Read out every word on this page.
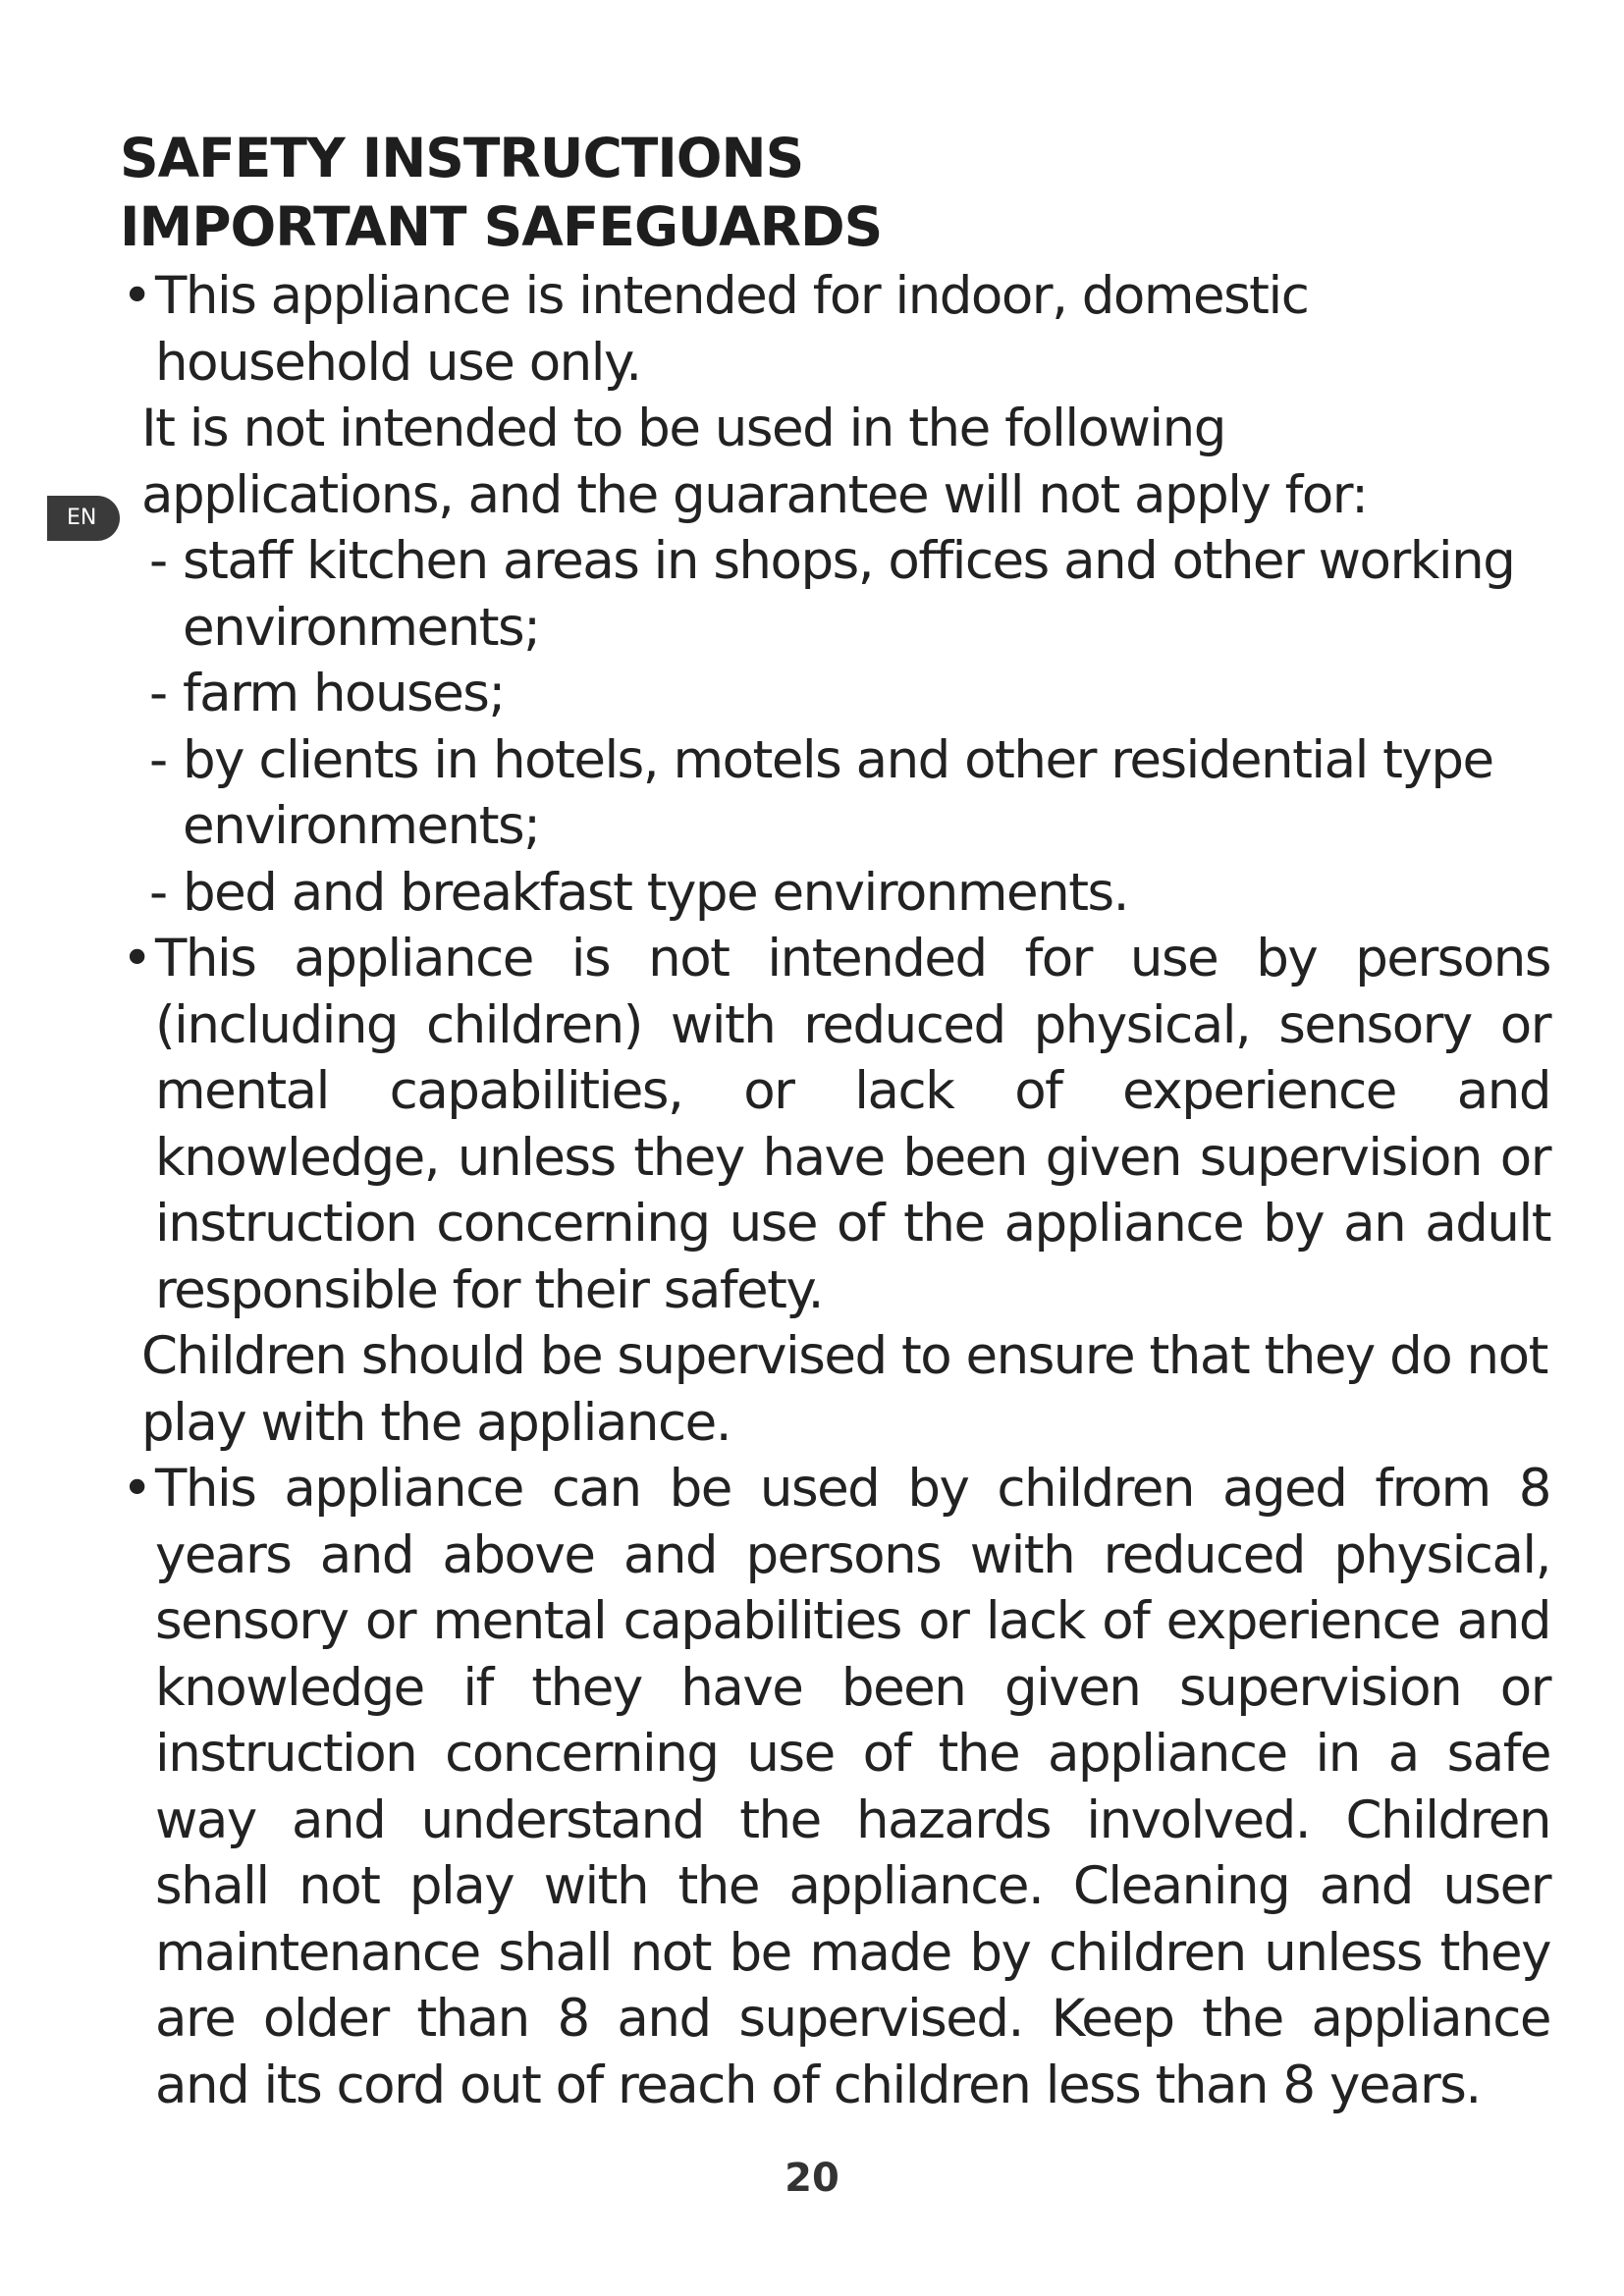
SAFETY INSTRUCTIONS
IMPORTANT SAFEGUARDS
EN
• This appliance is intended for indoor, domestic household use only.
It is not intended to be used in the following applications, and the guarantee will not apply for:
- staff kitchen areas in shops, offices and other working environments;
- farm houses;
- by clients in hotels, motels and other residential type environments;
- bed and breakfast type environments.
• This appliance is not intended for use by persons (including children) with reduced physical, sensory or mental capabilities, or lack of experience and knowledge, unless they have been given supervision or instruction concerning use of the appliance by an adult responsible for their safety.
Children should be supervised to ensure that they do not play with the appliance.
• This appliance can be used by children aged from 8 years and above and persons with reduced physical, sensory or mental capabilities or lack of experience and knowledge if they have been given supervision or instruction concerning use of the appliance in a safe way and understand the hazards involved. Children shall not play with the appliance. Cleaning and user maintenance shall not be made by children unless they are older than 8 and supervised. Keep the appliance and its cord out of reach of children less than 8 years.
20
